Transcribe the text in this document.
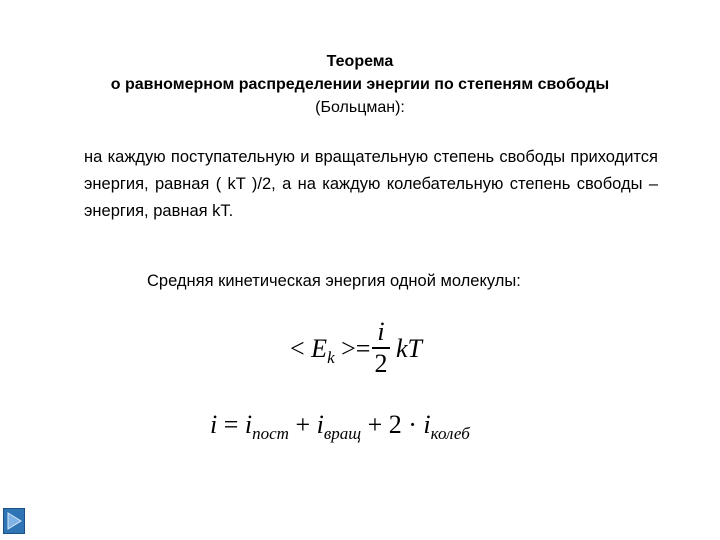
Теорема
о равномерном распределении энергии по степеням свободы
(Больцман):
на каждую поступательную и вращательную степень свободы приходится энергия, равная ( kT )/2, а на каждую колебательную степень свободы – энергия, равная kT.
Средняя кинетическая энергия одной молекулы:
< $E_k$ >=
i
2 kT
$i = i_{пост} + i_{вращ} + 2 \cdot i_{колеб}$
